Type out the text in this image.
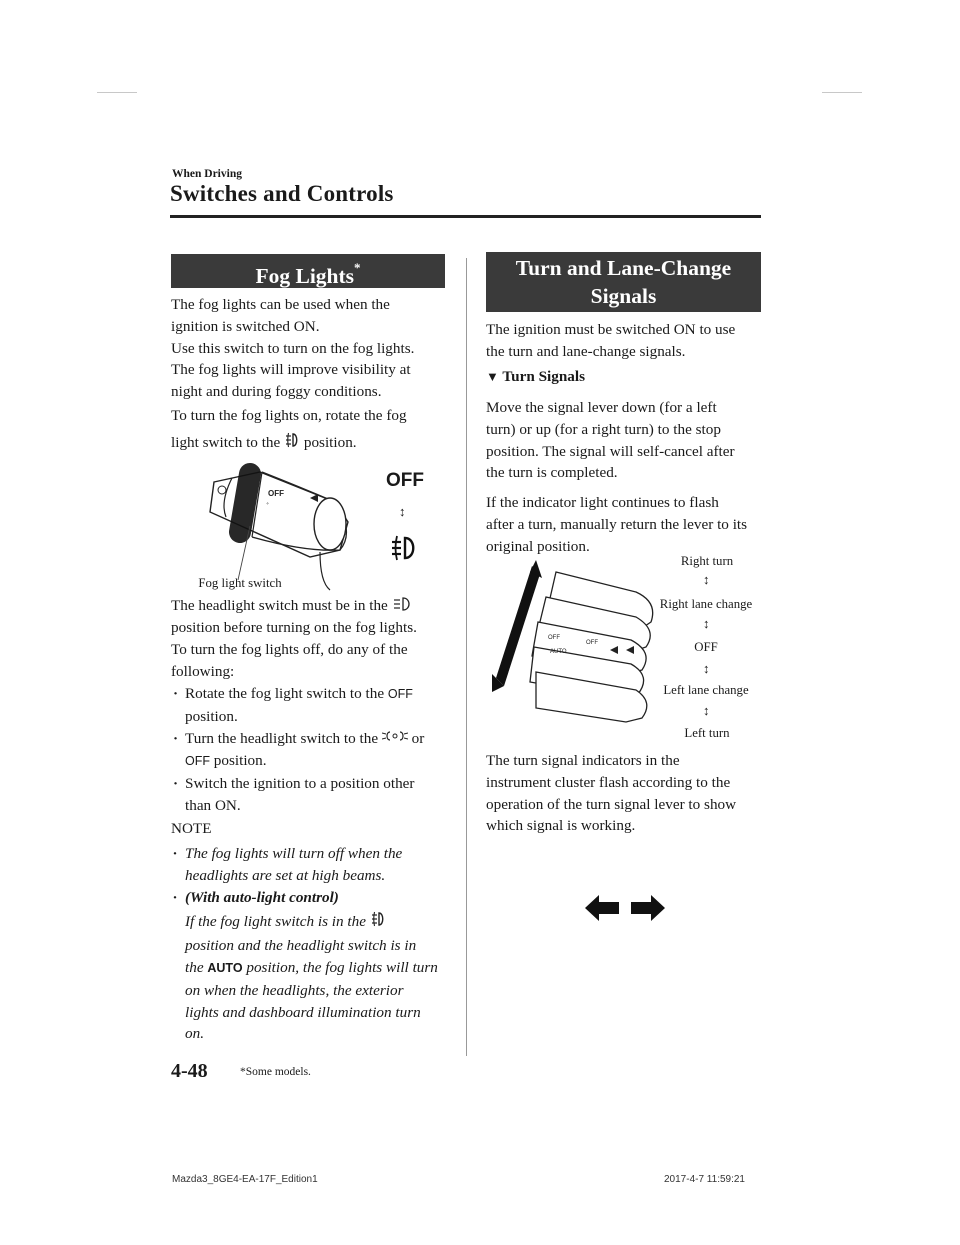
When Driving
Switches and Controls
Fog Lights*
The fog lights can be used when the
ignition is switched ON.
Use this switch to turn on the fog lights.
The fog lights will improve visibility at
night and during foggy conditions.
To turn the fog lights on, rotate the fog
light switch to the position.
OFF
ﾞ
OFF
↕
Fog light switch
The headlight switch must be in the
position before turning on the fog lights.
To turn the fog lights off, do any of the
following:
· Rotate the fog light switch to the OFF
position.
· Turn the headlight switch to the or
OFF position.
· Switch the ignition to a position other
than ON.
NOTE
· The fog lights will turn off when the
headlights are set at high beams.
· (With auto-light control)
If the fog light switch is in the
position and the headlight switch is in
the AUTO position, the fog lights will turn
on when the headlights, the exterior
lights and dashboard illumination turn
on.
Turn and Lane-Change
Signals
The ignition must be switched ON to use
the turn and lane-change signals.
▼ Turn Signals
Move the signal lever down (for a left
turn) or up (for a right turn) to the stop
position. The signal will self-cancel after
the turn is completed.
If the indicator light continues to flash
after a turn, manually return the lever to its
original position.
OFF
OFF
AUTO
Right turn
↕
Right lane change
↕
OFF
↕
Left lane change
↕
Left turn
The turn signal indicators in the
instrument cluster flash according to the
operation of the turn signal lever to show
which signal is working.
4-48	*Some models.
Mazda3_8GE4-EA-17F_Edition1	2017-4-7 11:59:21
